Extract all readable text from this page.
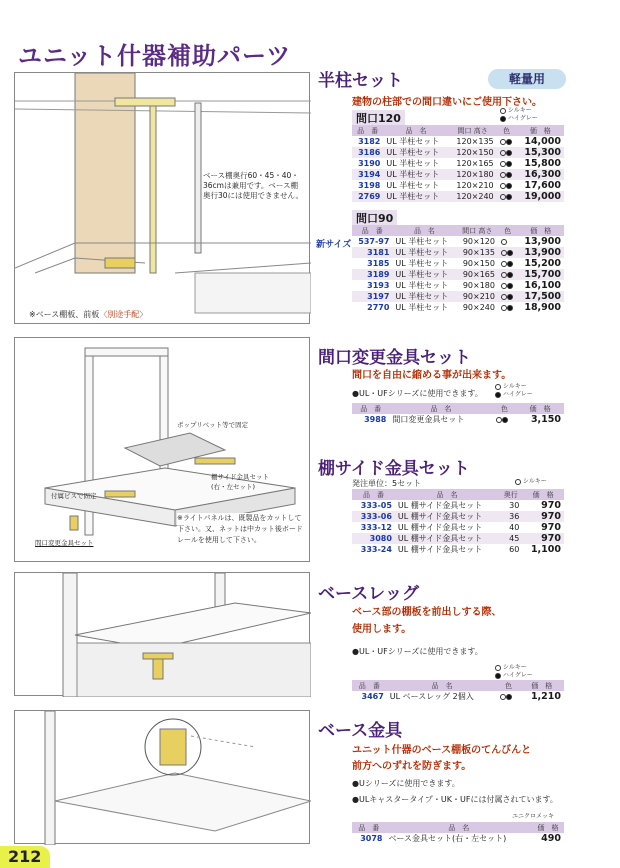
ユニット什器補助パーツ
ベース棚奥行60・45・40・36cmは兼用です。ベース棚奥行30には使用できません。
※ベース棚板、前板〈別途手配〉
ポップリベット等で固定
棚サイド金具セット (右・左セット)
付属ビスで固定
間口変更金具セット
※ライトパネルは、既製品をカットして下さい。又、ネットは中カット後ボードレールを使用して下さい。
半柱セット	軽量用
建物の柱部での間口違いにご使用下さい。
シルキー
ハイグレー
間口120
品　番	品　名	間口 高さ	色	価　格
3182	UL 半柱セット	120×135		14,000
3186	UL 半柱セット	120×150		15,300
3190	UL 半柱セット	120×165		15,800
3194	UL 半柱セット	120×180		16,300
3198	UL 半柱セット	120×210		17,600
2769	UL 半柱セット	120×240		19,000
間口90
新サイズ
品　番	品　名	間口 高さ	色	価　格
537-97	UL 半柱セット	90×120		13,900
3181	UL 半柱セット	90×135		13,900
3185	UL 半柱セット	90×150		15,200
3189	UL 半柱セット	90×165		15,700
3193	UL 半柱セット	90×180		16,100
3197	UL 半柱セット	90×210		17,500
2770	UL 半柱セット	90×240		18,900
間口変更金具セット
間口を自由に縮める事が出来ます。
●UL・UFシリーズに使用できます。
シルキー
ハイグレー
品　番	品　名	色	価　格
3988	間口変更金具セット		3,150
棚サイド金具セット
発注単位：5セット	シルキー
品　番	品　名	奥行	価　格
333-05	UL 棚サイド金具セット	30	970
333-06	UL 棚サイド金具セット	36	970
333-12	UL 棚サイド金具セット	40	970
3080	UL 棚サイド金具セット	45	970
333-24	UL 棚サイド金具セット	60	1,100
ベースレッグ
ベース部の棚板を前出しする際、
使用します。
●UL・UFシリーズに使用できます。
シルキー
ハイグレー
品　番	品　名	色	価　格
3467	UL ベースレッグ 2個入		1,210
ベース金具
ユニット什器のベース棚板のてんびんと
前方へのずれを防ぎます。
●Uシリーズに使用できます。
●ULキャスタータイプ・UK・UFには付属されています。
ユニクロメッキ
品　番	品　名	価　格
3078	ベース金具セット(右・左セット)	490
212
